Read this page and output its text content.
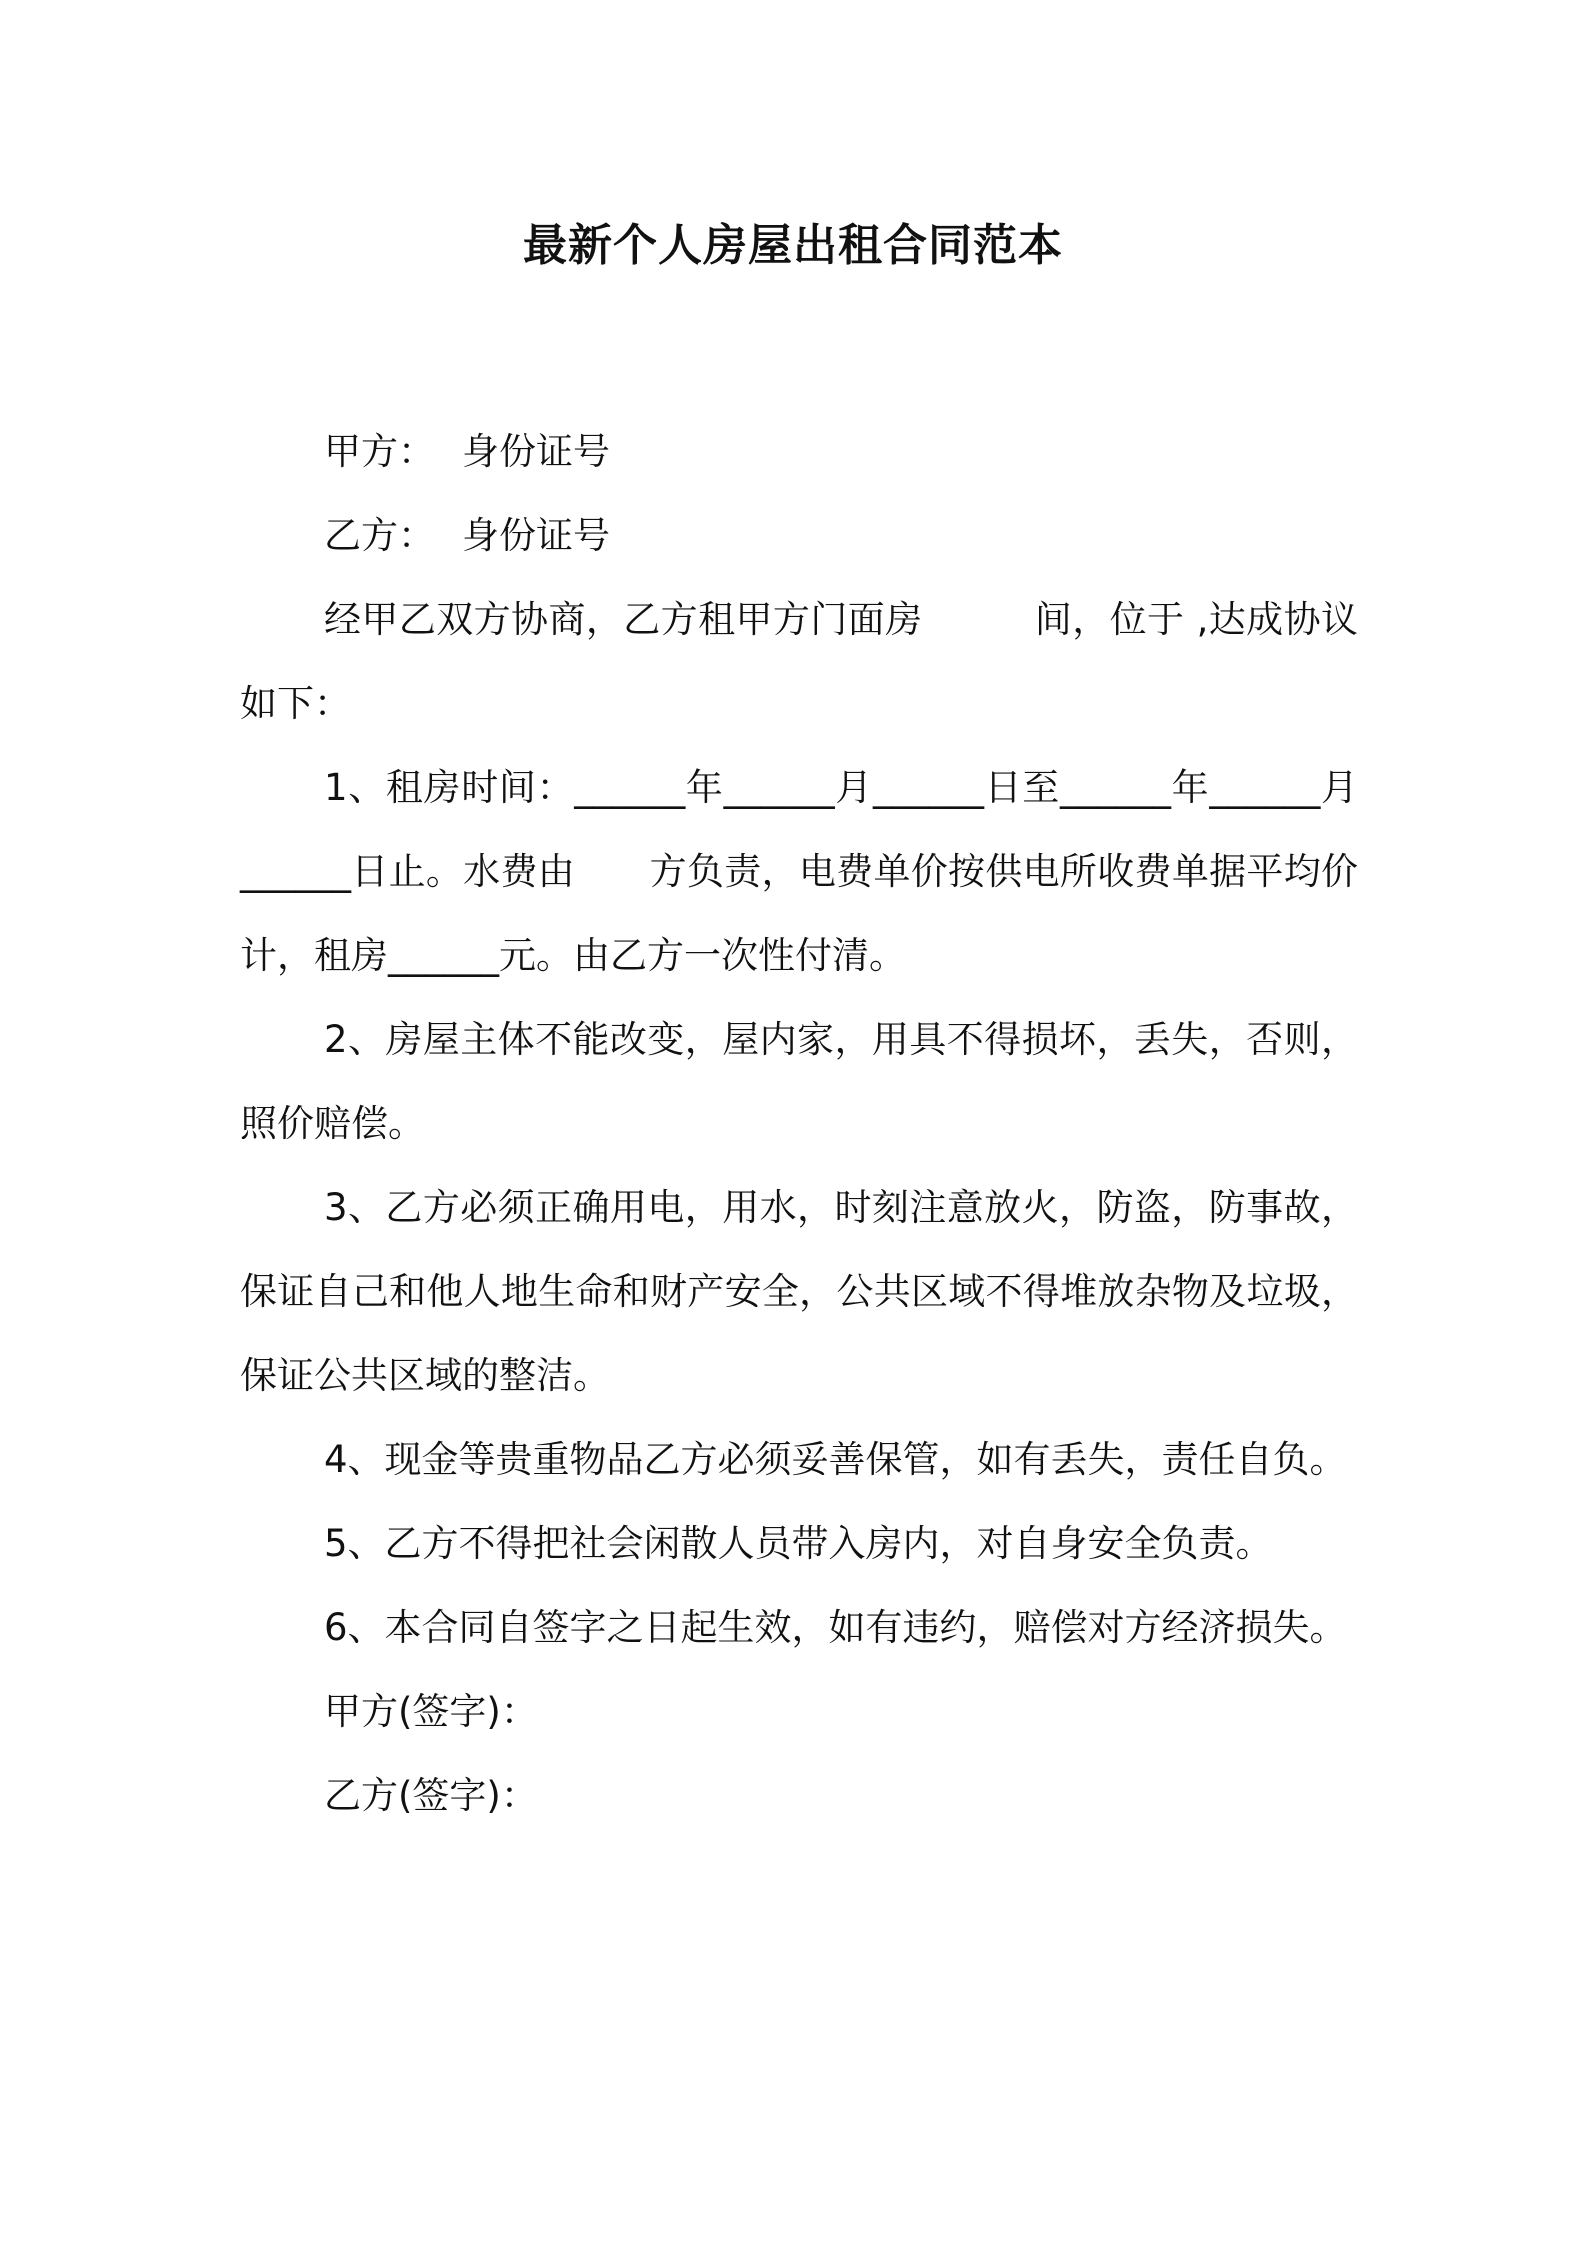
最新个人房屋出租合同范本

甲方： 身份证号

乙方： 身份证号

经甲乙双方协商，乙方租甲方门面房　　　间，位于 ,达成协议如下：

1、租房时间：______年______月______日至______年______月______日止。水费由　　方负责，电费单价按供电所收费单据平均价计，租房______元。由乙方一次性付清。

2、房屋主体不能改变，屋内家，用具不得损坏，丢失，否则，照价赔偿。

3、乙方必须正确用电，用水，时刻注意放火，防盗，防事故，保证自己和他人地生命和财产安全，公共区域不得堆放杂物及垃圾，保证公共区域的整洁。

4、现金等贵重物品乙方必须妥善保管，如有丢失，责任自负。

5、乙方不得把社会闲散人员带入房内，对自身安全负责。

6、本合同自签字之日起生效，如有违约，赔偿对方经济损失。

甲方(签字)：

乙方(签字)：
